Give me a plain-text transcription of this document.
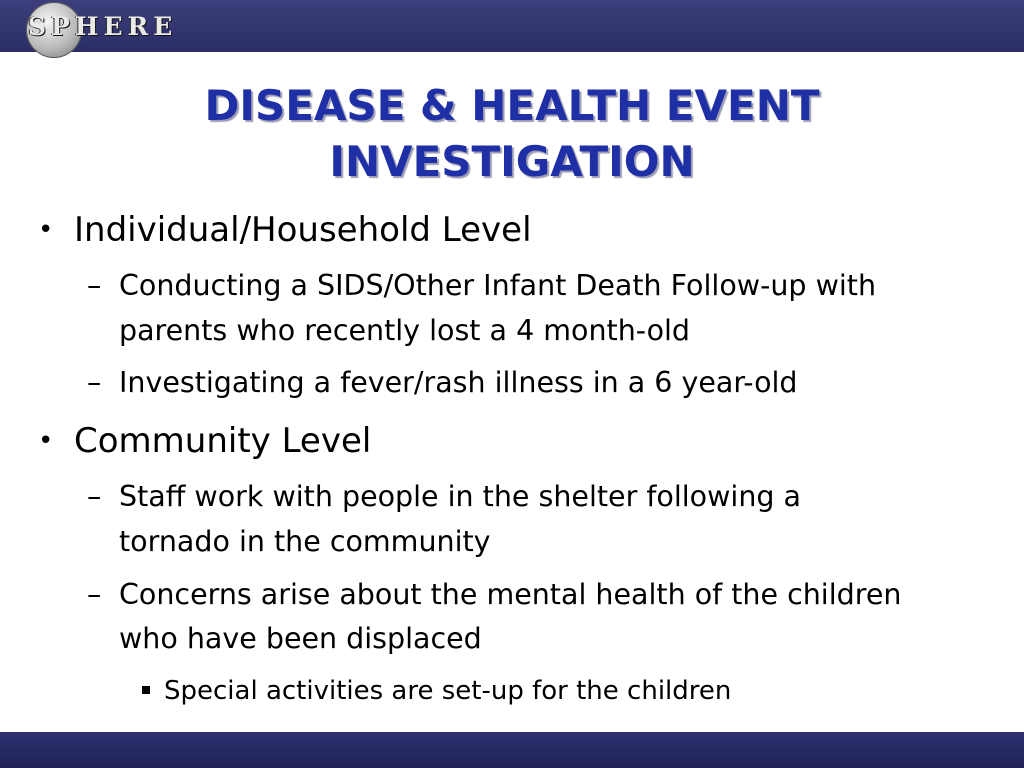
SPHERE
DISEASE & HEALTH EVENT
INVESTIGATION
• Individual/Household Level
– Conducting a SIDS/Other Infant Death Follow-up with
parents who recently lost a 4 month-old
– Investigating a fever/rash illness in a 6 year-old
• Community Level
– Staff work with people in the shelter following a
tornado in the community
– Concerns arise about the mental health of the children
who have been displaced
Special activities are set-up for the children
